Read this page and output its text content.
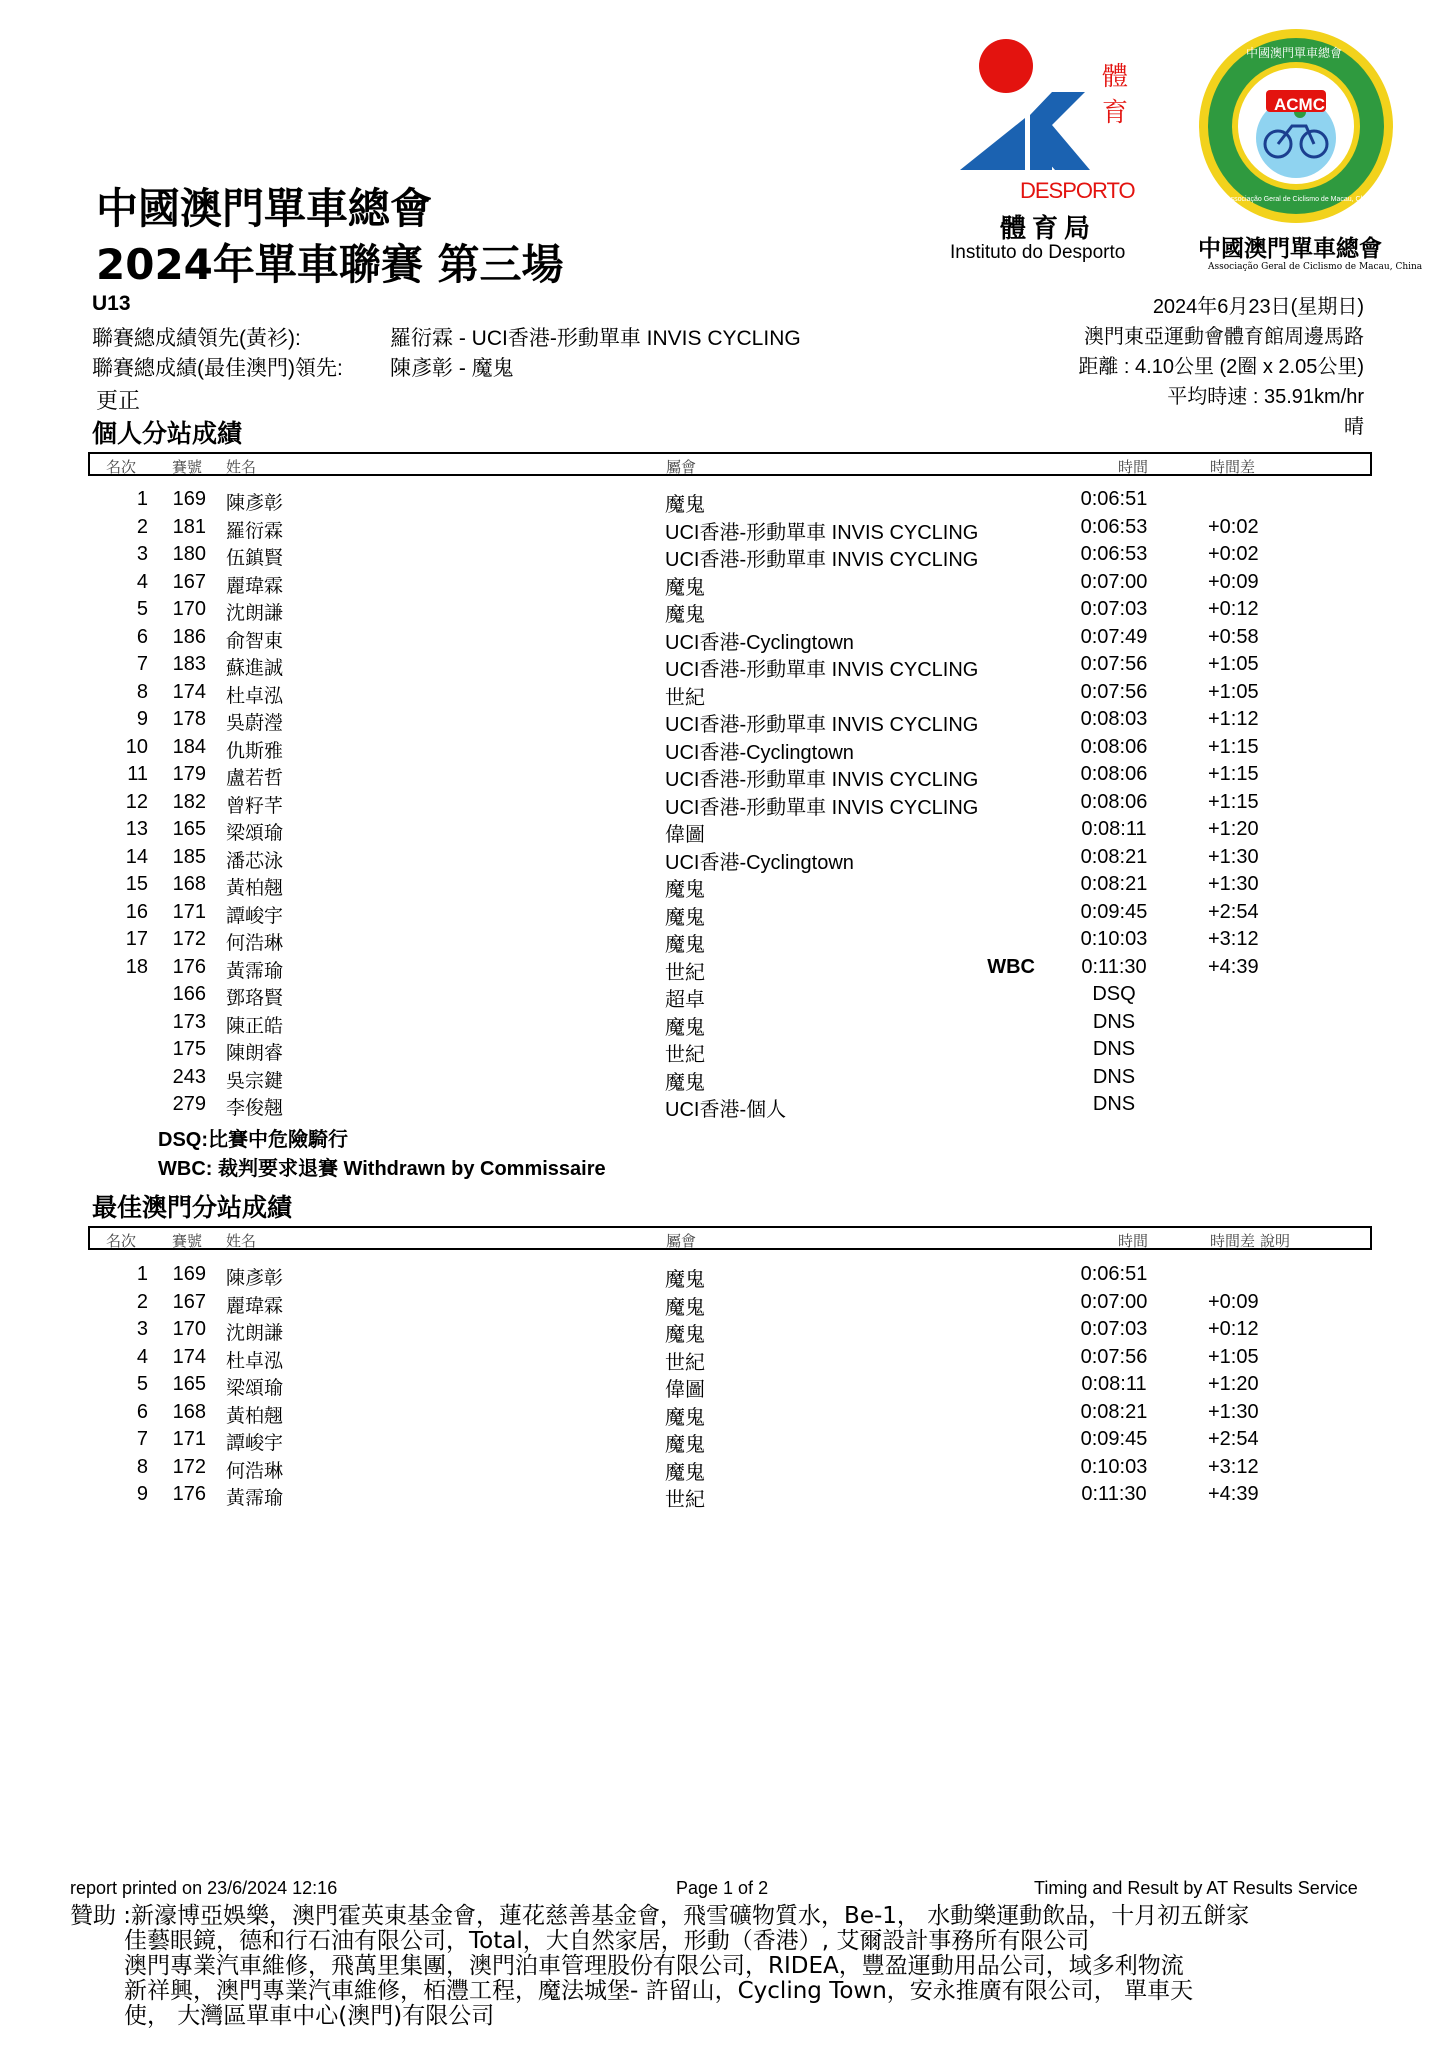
體
育
DESPORTO
體育局
Instituto do Desporto
ACMC
中國澳門單車總會
Associação Geral de Ciclismo de Macau, China
中國澳門單車總會
Associação Geral de Ciclismo de Macau, China
中國澳門單車總會
2024年單車聯賽 第三場
U13
聯賽總成績領先(黃衫):	羅衍霖 - UCI香港-形動單車 INVIS CYCLING
聯賽總成績(最佳澳門)領先: 陳彥彰 - 魔鬼
更正
2024年6月23日(星期日)
澳門東亞運動會體育館周邊馬路
距離 : 4.10公里 (2圈 x 2.05公里)
平均時速 : 35.91km/hr
晴
個人分站成績
名次 賽號 姓名	屬會	時間	時間差
1	169 陳彥彰	魔鬼	0:06:51
2	181 羅衍霖	UCI香港-形動單車 INVIS CYCLING	0:06:53	+0:02
3	180 伍鎮賢	UCI香港-形動單車 INVIS CYCLING	0:06:53	+0:02
4	167 麗瑋霖	魔鬼	0:07:00	+0:09
5	170 沈朗謙	魔鬼	0:07:03	+0:12
6	186 俞智東	UCI香港-Cyclingtown	0:07:49	+0:58
7	183 蘇進誠	UCI香港-形動單車 INVIS CYCLING	0:07:56	+1:05
8	174 杜卓泓	世紀	0:07:56	+1:05
9	178 吳蔚瀅	UCI香港-形動單車 INVIS CYCLING	0:08:03	+1:12
10	184 仇斯雅	UCI香港-Cyclingtown	0:08:06	+1:15
11	179 盧若哲	UCI香港-形動單車 INVIS CYCLING	0:08:06	+1:15
12	182 曾籽芊	UCI香港-形動單車 INVIS CYCLING	0:08:06	+1:15
13	165 梁頌瑜	偉圖	0:08:11	+1:20
14	185 潘芯泳	UCI香港-Cyclingtown	0:08:21	+1:30
15	168 黃柏翹	魔鬼	0:08:21	+1:30
16	171 譚峻宇	魔鬼	0:09:45	+2:54
17	172 何浩琳	魔鬼	0:10:03	+3:12
18	176 黃霈瑜	世紀	WBC 0:11:30	+4:39
166 鄧珞賢	超卓	DSQ
173 陳正皓	魔鬼	DNS
175 陳朗睿	世紀	DNS
243 吳宗鍵	魔鬼	DNS
279 李俊翹	UCI香港-個人	DNS
DSQ:比賽中危險騎行
WBC: 裁判要求退賽 Withdrawn by Commissaire
最佳澳門分站成績
名次 賽號 姓名	屬會	時間	時間差 說明
1	169 陳彥彰	魔鬼	0:06:51
2	167 麗瑋霖	魔鬼	0:07:00	+0:09
3	170 沈朗謙	魔鬼	0:07:03	+0:12
4	174 杜卓泓	世紀	0:07:56	+1:05
5	165 梁頌瑜	偉圖	0:08:11	+1:20
6	168 黃柏翹	魔鬼	0:08:21	+1:30
7	171 譚峻宇	魔鬼	0:09:45	+2:54
8	172 何浩琳	魔鬼	0:10:03	+3:12
9	176 黃霈瑜	世紀	0:11:30	+4:39
report printed on 23/6/2024 12:16	Page 1 of 2	Timing and Result by AT Results Service
贊助 :新濠博亞娛樂，澳門霍英東基金會，蓮花慈善基金會，飛雪礦物質水，Be-1， 水動樂運動飲品，十月初五餅家
佳藝眼鏡，德和行石油有限公司，Total，大自然家居，形動（香港）, 艾爾設計事務所有限公司
澳門專業汽車維修，飛萬里集團，澳門泊車管理股份有限公司，RIDEA，豐盈運動用品公司，域多利物流
新祥興，澳門專業汽車維修，栢灃工程，魔法城堡- 許留山，Cycling Town，安永推廣有限公司， 單車天
使， 大灣區單車中心(澳門)有限公司
